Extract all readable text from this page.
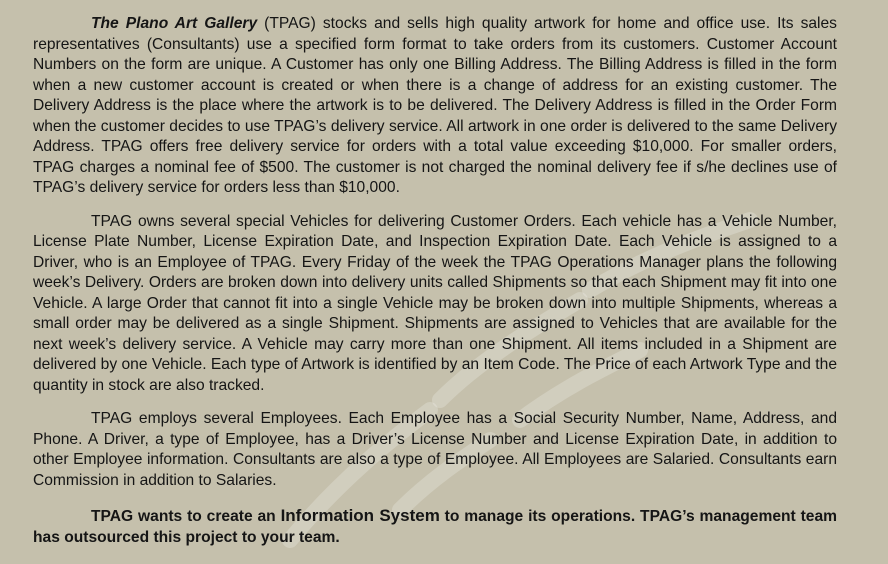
The Plano Art Gallery (TPAG) stocks and sells high quality artwork for home and office use. Its sales representatives (Consultants) use a specified form format to take orders from its customers. Customer Account Numbers on the form are unique. A Customer has only one Billing Address. The Billing Address is filled in the form when a new customer account is created or when there is a change of address for an existing customer. The Delivery Address is the place where the artwork is to be delivered. The Delivery Address is filled in the Order Form when the customer decides to use TPAG’s delivery service. All artwork in one order is delivered to the same Delivery Address. TPAG offers free delivery service for orders with a total value exceeding $10,000. For smaller orders, TPAG charges a nominal fee of $500. The customer is not charged the nominal delivery fee if s/he declines use of TPAG’s delivery service for orders less than $10,000.

TPAG owns several special Vehicles for delivering Customer Orders. Each vehicle has a Vehicle Number, License Plate Number, License Expiration Date, and Inspection Expiration Date. Each Vehicle is assigned to a Driver, who is an Employee of TPAG. Every Friday of the week the TPAG Operations Manager plans the following week’s Delivery. Orders are broken down into delivery units called Shipments so that each Shipment may fit into one Vehicle. A large Order that cannot fit into a single Vehicle may be broken down into multiple Shipments, whereas a small order may be delivered as a single Shipment. Shipments are assigned to Vehicles that are available for the next week’s delivery service. A Vehicle may carry more than one Shipment. All items included in a Shipment are delivered by one Vehicle. Each type of Artwork is identified by an Item Code. The Price of each Artwork Type and the quantity in stock are also tracked.

TPAG employs several Employees. Each Employee has a Social Security Number, Name, Address, and Phone. A Driver, a type of Employee, has a Driver’s License Number and License Expiration Date, in addition to other Employee information. Consultants are also a type of Employee. All Employees are Salaried. Consultants earn Commission in addition to Salaries.

TPAG wants to create an Information System to manage its operations. TPAG’s management team has outsourced this project to your team.
